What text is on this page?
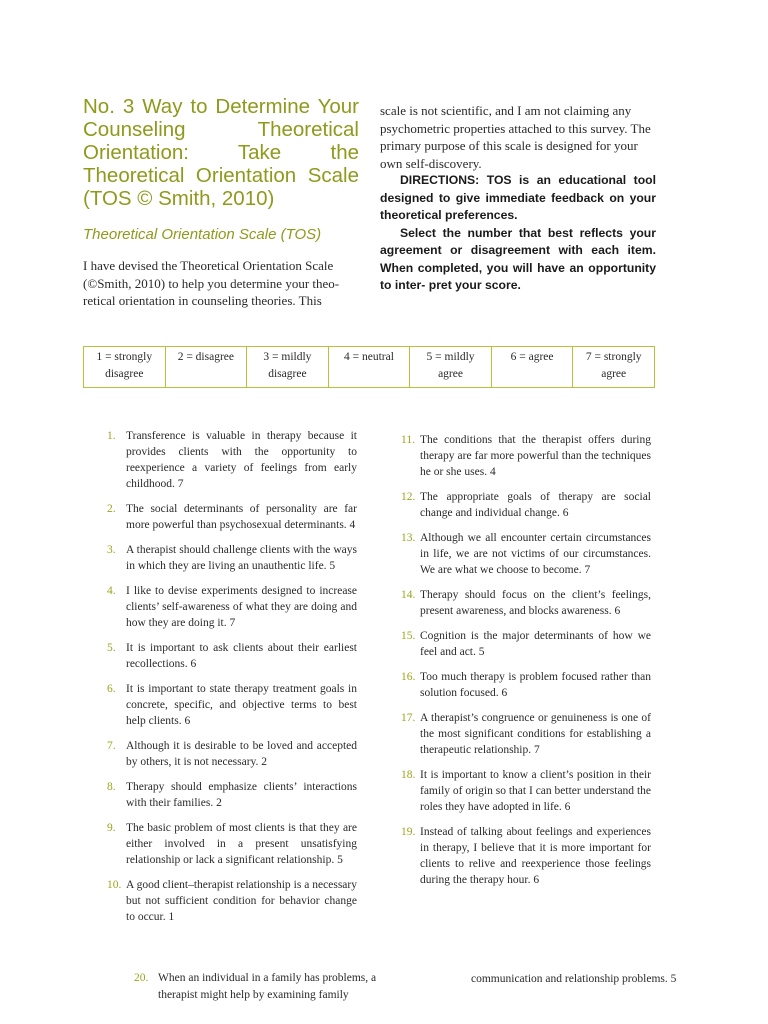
No. 3 Way to Determine Your Counseling Theoretical Orientation: Take the Theoretical Orientation Scale (TOS © Smith, 2010)
Theoretical Orientation Scale (TOS)

I have devised the Theoretical Orientation Scale (©Smith, 2010) to help you determine your theo- retical orientation in counseling theories. This

scale is not scientific, and I am not claiming any psychometric properties attached to this survey. The primary purpose of this scale is designed for your own self-discovery.

DIRECTIONS: TOS is an educational tool designed to give immediate feedback on your theoretical preferences.

Select the number that best reflects your agreement or disagreement with each item. When completed, you will have an opportunity to inter- pret your score.

1 = strongly disagree	2 = disagree	3 = mildly disagree	4 = neutral	5 = mildly agree	6 = agree	7 = strongly agree
1. Transference is valuable in therapy because it provides clients with the opportunity to reexperience a variety of feelings from early childhood. 7
2. The social determinants of personality are far more powerful than psychosexual determinants. 4
3. A therapist should challenge clients with the ways in which they are living an unauthentic life. 5
4. I like to devise experiments designed to increase clients’ self-awareness of what they are doing and how they are doing it. 7
5. It is important to ask clients about their earliest recollections. 6
6. It is important to state therapy treatment goals in concrete, specific, and objective terms to best help clients. 6
7. Although it is desirable to be loved and accepted by others, it is not necessary. 2
8. Therapy should emphasize clients’ interactions with their families. 2
9. The basic problem of most clients is that they are either involved in a present unsatisfying relationship or lack a significant relationship. 5
10. A good client–therapist relationship is a necessary but not sufficient condition for behavior change to occur. 1
11. The conditions that the therapist offers during therapy are far more powerful than the techniques he or she uses. 4
12. The appropriate goals of therapy are social change and individual change. 6
13. Although we all encounter certain circumstances in life, we are not victims of our circumstances. We are what we choose to become. 7
14. Therapy should focus on the client’s feelings, present awareness, and blocks awareness. 6
15. Cognition is the major determinants of how we feel and act. 5
16. Too much therapy is problem focused rather than solution focused. 6
17. A therapist’s congruence or genuineness is one of the most significant conditions for establishing a therapeutic relationship. 7
18. It is important to know a client’s position in their family of origin so that I can better understand the roles they have adopted in life. 6
19. Instead of talking about feelings and experiences in therapy, I believe that it is more important for clients to relive and reexperience those feelings during the therapy hour. 6
20. When an individual in a family has problems, a therapist might help by examining family
communication and relationship problems. 5
